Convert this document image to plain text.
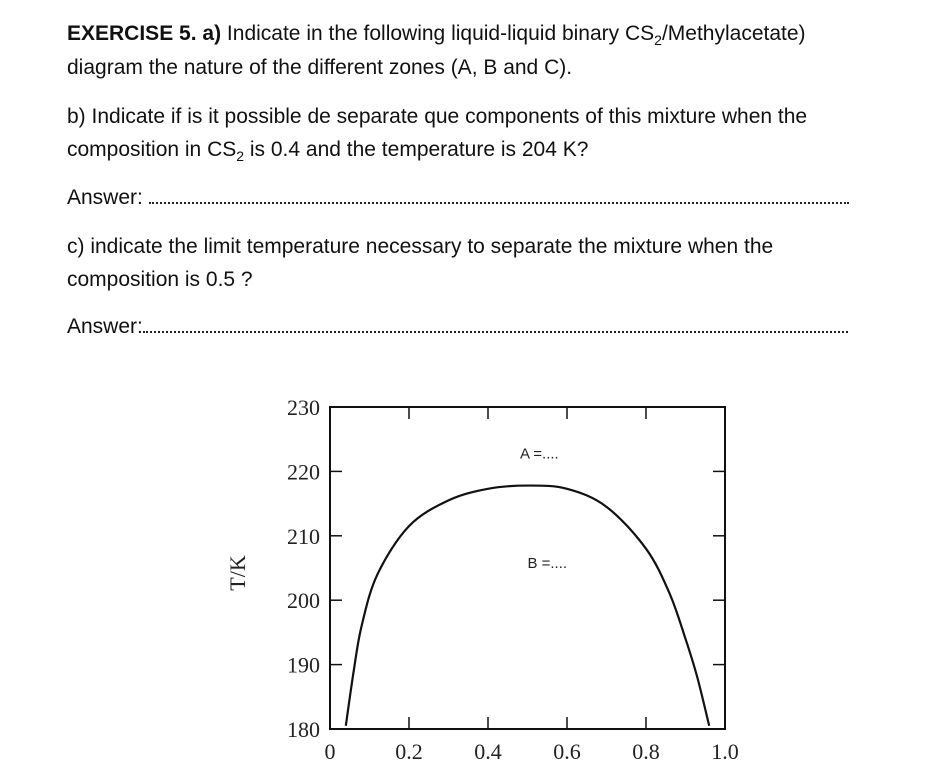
EXERCISE 5. a) Indicate in the following liquid-liquid binary $CS_2/Methylacetate$)
diagram the nature of the different zones (A, B and C).
b) Indicate if is it possible de separate que components of this mixture when the
composition in $CS_2$ is 0.4 and the temperature is 204 K?
Answer:
c) indicate the limit temperature necessary to separate the mixture when the
composition is 0.5 ?
Answer:
0	0.2 0.4 0.6 0.8 1.0
180
190
200
210
220
230
A =....
B =....
T/K
